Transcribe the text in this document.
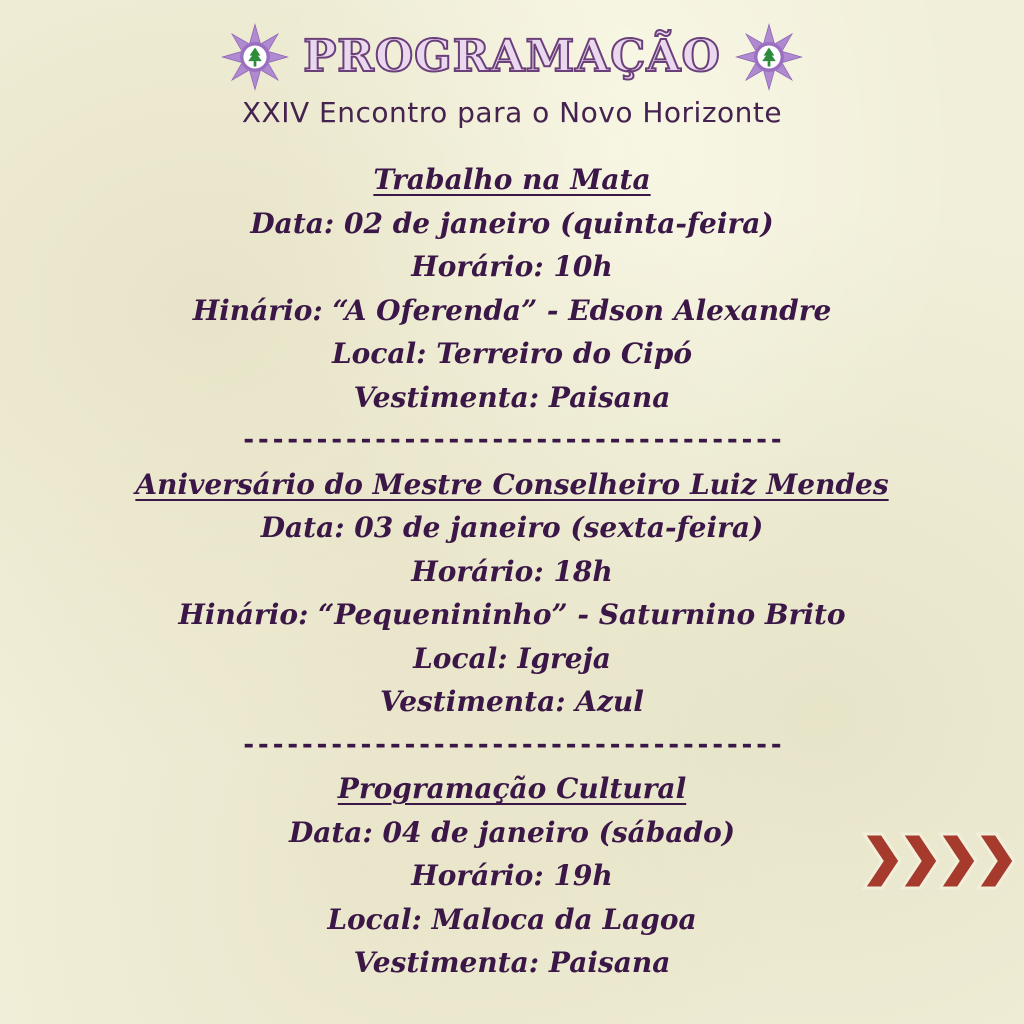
PROGRAMAÇÃO
XXIV Encontro para o Novo Horizonte
Trabalho na Mata
Data: 02 de janeiro (quinta-feira)
Horário: 10h
Hinário: “A Oferenda” - Edson Alexandre
Local: Terreiro do Cipó
Vestimenta: Paisana
-------------------------------------
Aniversário do Mestre Conselheiro Luiz Mendes
Data: 03 de janeiro (sexta-feira)
Horário: 18h
Hinário: “Pequenininho” - Saturnino Brito
Local: Igreja
Vestimenta: Azul
-------------------------------------
Programação Cultural
Data: 04 de janeiro (sábado)
Horário: 19h
Local: Maloca da Lagoa
Vestimenta: Paisana
